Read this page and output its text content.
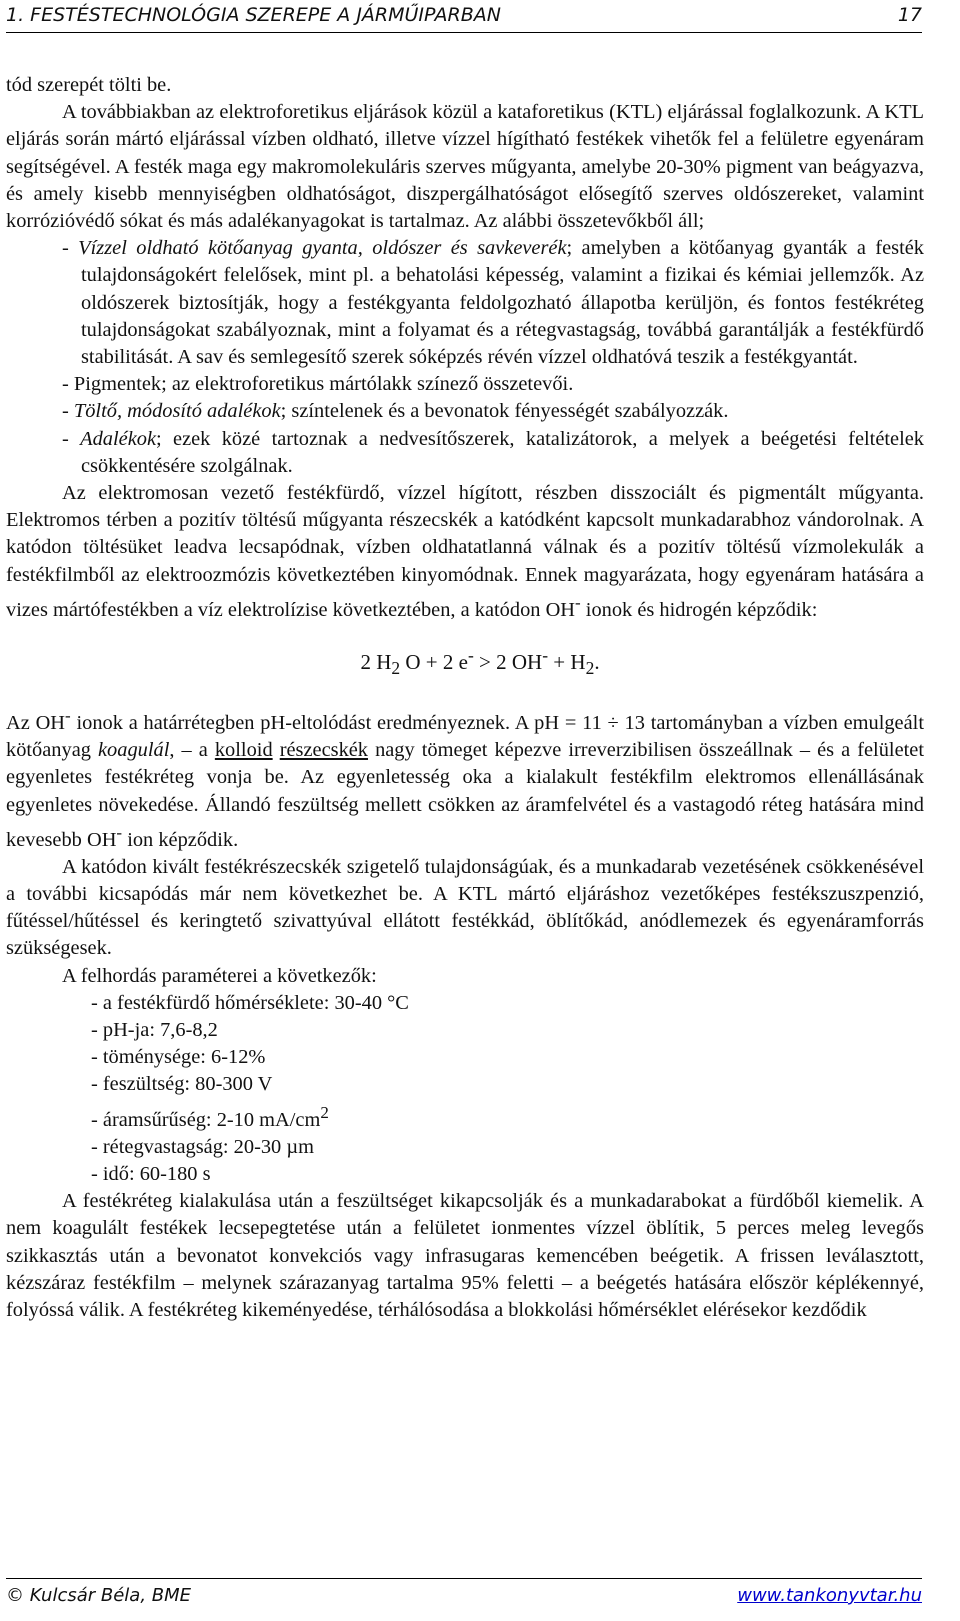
1. FESTÉSTECHNOLÓGIA SZEREPE A JÁRMŰIPARBAN	17

tód szerepét tölti be.

A továbbiakban az elektroforetikus eljárások közül a kataforetikus (KTL) eljárással foglalkozunk. A KTL eljárás során mártó eljárással vízben oldható, illetve vízzel hígítható festékek vihetők fel a felületre egyenáram segítségével. A festék maga egy makromolekuláris szerves műgyanta, amelybe 20-30% pigment van beágyazva, és amely kisebb mennyiségben oldhatóságot, diszpergálhatóságot elősegítő szerves oldószereket, valamint korrózióvédő sókat és más adalékanyagokat is tartalmaz. Az alábbi összetevőkből áll;

- Vízzel oldható kötőanyag gyanta, oldószer és savkeverék; amelyben a kötőanyag gyanták a festék tulajdonságokért felelősek, mint pl. a behatolási képesség, valamint a fizikai és kémiai jellemzők. Az oldószerek biztosítják, hogy a festékgyanta feldolgozható állapotba kerüljön, és fontos festékréteg tulajdonságokat szabályoznak, mint a folyamat és a rétegvastagság, továbbá garantálják a festékfürdő stabilitását. A sav és semlegesítő szerek sóképzés révén vízzel oldhatóvá teszik a festékgyantát.

- Pigmentek; az elektroforetikus mártólakk színező összetevői.

- Töltő, módosító adalékok; színtelenek és a bevonatok fényességét szabályozzák.

- Adalékok; ezek közé tartoznak a nedvesítőszerek, katalizátorok, a melyek a beégetési feltételek csökkentésére szolgálnak.

Az elektromosan vezető festékfürdő, vízzel hígított, részben disszociált és pigmentált műgyanta. Elektromos térben a pozitív töltésű műgyanta részecskék a katódként kapcsolt munkadarabhoz vándorolnak. A katódon töltésüket leadva lecsapódnak, vízben oldhatatlanná válnak és a pozitív töltésű vízmolekulák a festékfilmből az elektroozmózis következtében kinyomódnak. Ennek magyarázata, hogy egyenáram hatására a vizes mártófestékben a víz elektrolízise következtében, a katódon OH- ionok és hidrogén képződik:

2 $H_2$ O + 2 e- > 2 $OH^- + H_2$.

Az OH- ionok a határrétegben pH-eltolódást eredményeznek. A pH = 11 ÷ 13 tartományban a vízben emulgeált kötőanyag koagulál, – a kolloid részecskék nagy tömeget képezve irreverzibilisen összeállnak – és a felületet egyenletes festékréteg vonja be. Az egyenletesség oka a kialakult festékfilm elektromos ellenállásának egyenletes növekedése. Állandó feszültség mellett csökken az áramfelvétel és a vastagodó réteg hatására mind kevesebb OH- ion képződik.

A katódon kivált festékrészecskék szigetelő tulajdonságúak, és a munkadarab vezetésének csökkenésével a további kicsapódás már nem következhet be. A KTL mártó eljáráshoz vezetőképes festékszuszpenzió, fűtéssel/hűtéssel és keringtető szivattyúval ellátott festékkád, öblítőkád, anódlemezek és egyenáramforrás szükségesek.

A felhordás paraméterei a következők:

- a festékfürdő hőmérséklete: 30-40 °C

- pH-ja: 7,6-8,2

- töménysége: 6-12%

- feszültség: 80-300 V

- áramsűrűség: 2-10 $mA/cm^2$

- rétegvastagság: 20-30 µm

- idő: 60-180 s

A festékréteg kialakulása után a feszültséget kikapcsolják és a munkadarabokat a fürdőből kiemelik. A nem koagulált festékek lecsepegtetése után a felületet ionmentes vízzel öblítik, 5 perces meleg levegős szikkasztás után a bevonatot konvekciós vagy infrasugaras kemencében beégetik. A frissen leválasztott, kézszáraz festékfilm – melynek szárazanyag tartalma 95% feletti – a beégetés hatására először képlékennyé, folyóssá válik. A festékréteg kikeményedése, térhálósodása a blokkolási hőmérséklet elérésekor kezdődik

© Kulcsár Béla, BME	www.tankonyvtar.hu
